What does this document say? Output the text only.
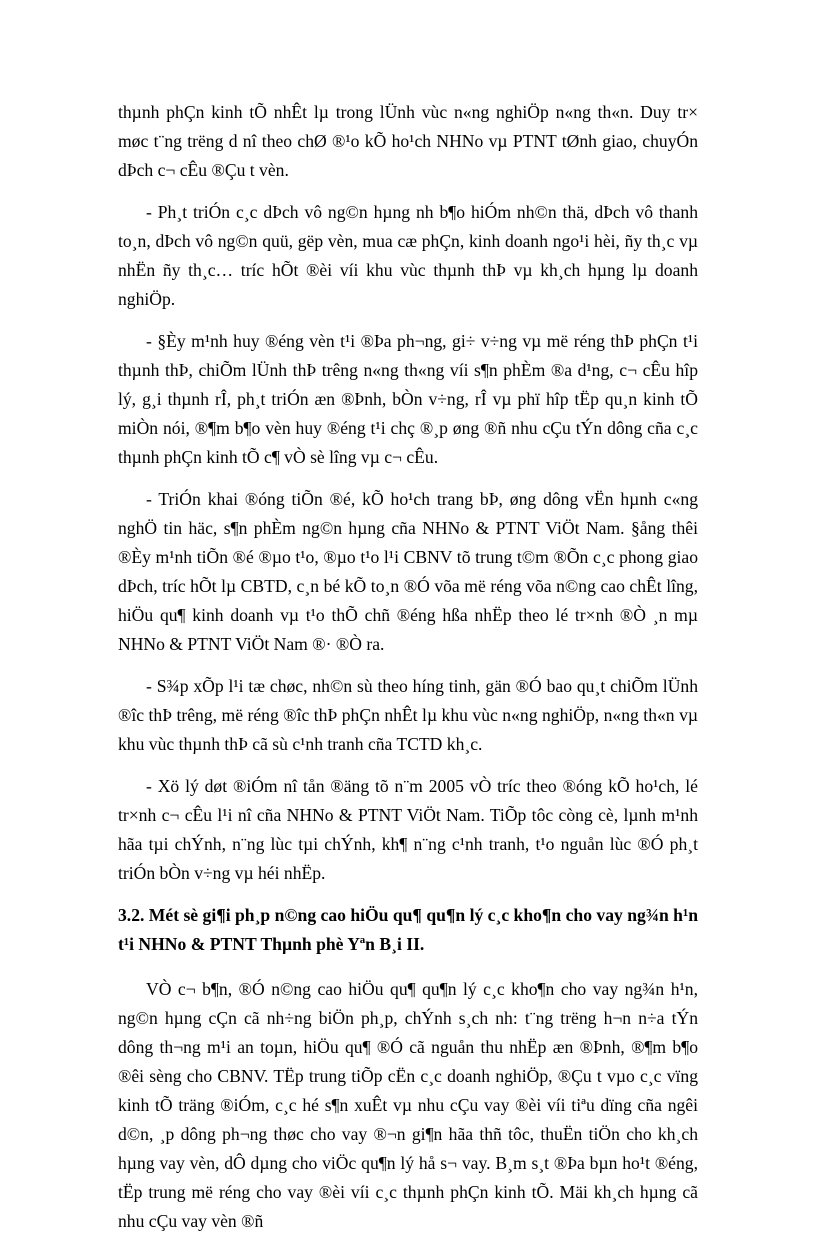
thµnh phÇn kinh tÕ nhÊt lµ trong lÜnh vùc n«ng nghiÖp n«ng th«n. Duy tr× møc t¨ng trëng d nî theo chØ ®¹o kÕ ho¹ch NHNo vµ PTNT tØnh giao, chuyÓn dÞch c¬ cÊu ®Çu t vèn.

- Ph¸t triÓn c¸c dÞch vô ng©n hµng nh b¶o hiÓm nh©n thä, dÞch vô thanh to¸n, dÞch vô ng©n quü, gëp vèn, mua cæ phÇn, kinh doanh ngo¹i hèi, ñy th¸c vµ nhËn ñy th¸c… tríc hÕt ®èi víi khu vùc thµnh thÞ vµ kh¸ch hµng lµ doanh nghiÖp.

- §Èy m¹nh huy ®éng vèn t¹i ®Þa ph¬ng, gi÷ v÷ng vµ më réng thÞ phÇn t¹i thµnh thÞ, chiÕm lÜnh thÞ trêng n«ng th«ng víi s¶n phÈm ®a d¹ng, c¬ cÊu hîp lý, g¸i thµnh rÎ, ph¸t triÓn æn ®Þnh, bÒn v÷ng, rÎ vµ phï hîp tËp qu¸n kinh tÕ miÒn nói, ®¶m b¶o vèn huy ®éng t¹i chç ®¸p øng ®ñ nhu cÇu tÝn dông cña c¸c thµnh phÇn kinh tÕ c¶ vÒ sè lîng vµ c¬ cÊu.

- TriÓn khai ®óng tiÕn ®é, kÕ ho¹ch trang bÞ, øng dông vËn hµnh c«ng nghÖ tin häc, s¶n phÈm ng©n hµng cña NHNo & PTNT ViÖt Nam. §ång thêi ®Èy m¹nh tiÕn ®é ®µo t¹o, ®µo t¹o l¹i CBNV tõ trung t©m ®Õn c¸c phong giao dÞch, tríc hÕt lµ CBTD, c¸n bé kÕ to¸n ®Ó võa më réng võa n©ng cao chÊt lîng, hiÖu qu¶ kinh doanh vµ t¹o thÕ chñ ®éng hßa nhËp theo lé tr×nh ®Ò ¸n mµ NHNo & PTNT ViÖt Nam ®· ®Ò ra.

- S¾p xÕp l¹i tæ chøc, nh©n sù theo híng tinh, gän ®Ó bao qu¸t chiÕm lÜnh ®îc thÞ trêng, më réng ®îc thÞ phÇn nhÊt lµ khu vùc n«ng nghiÖp, n«ng th«n vµ khu vùc thµnh thÞ cã sù c¹nh tranh cña TCTD kh¸c.

- Xö lý døt ®iÓm nî tån ®äng tõ n¨m 2005 vÒ tríc theo ®óng kÕ ho¹ch, lé tr×nh c¬ cÊu l¹i nî cña NHNo & PTNT ViÖt Nam. TiÕp tôc còng cè, lµnh m¹nh hãa tµi chÝnh, n¨ng lùc tµi chÝnh, kh¶ n¨ng c¹nh tranh, t¹o nguån lùc ®Ó ph¸t triÓn bÒn v÷ng vµ héi nhËp.

3.2. Mét sè gi¶i ph¸p n©ng cao hiÖu qu¶ qu¶n lý c¸c kho¶n cho vay ng¾n h¹n t¹i NHNo & PTNT Thµnh phè Yªn B¸i II.

VÒ c¬ b¶n, ®Ó n©ng cao hiÖu qu¶ qu¶n lý c¸c kho¶n cho vay ng¾n h¹n, ng©n hµng cÇn cã nh÷ng biÖn ph¸p, chÝnh s¸ch nh: t¨ng trëng h¬n n÷a tÝn dông th¬ng m¹i an toµn, hiÖu qu¶ ®Ó cã nguån thu nhËp æn ®Þnh, ®¶m b¶o ®êi sèng cho CBNV. TËp trung tiÕp cËn c¸c doanh nghiÖp, ®Çu t vµo c¸c vïng kinh tÕ träng ®iÓm, c¸c hé s¶n xuÊt vµ nhu cÇu vay ®èi víi tiªu dïng cña ngêi d©n, ¸p dông ph¬ng thøc cho vay ®¬n gi¶n hãa thñ tôc, thuËn tiÖn cho kh¸ch hµng vay vèn, dÔ dµng cho viÖc qu¶n lý hå s¬ vay. B¸m s¸t ®Þa bµn ho¹t ®éng, tËp trung më réng cho vay ®èi víi c¸c thµnh phÇn kinh tÕ. Mäi kh¸ch hµng cã nhu cÇu vay vèn ®ñ
